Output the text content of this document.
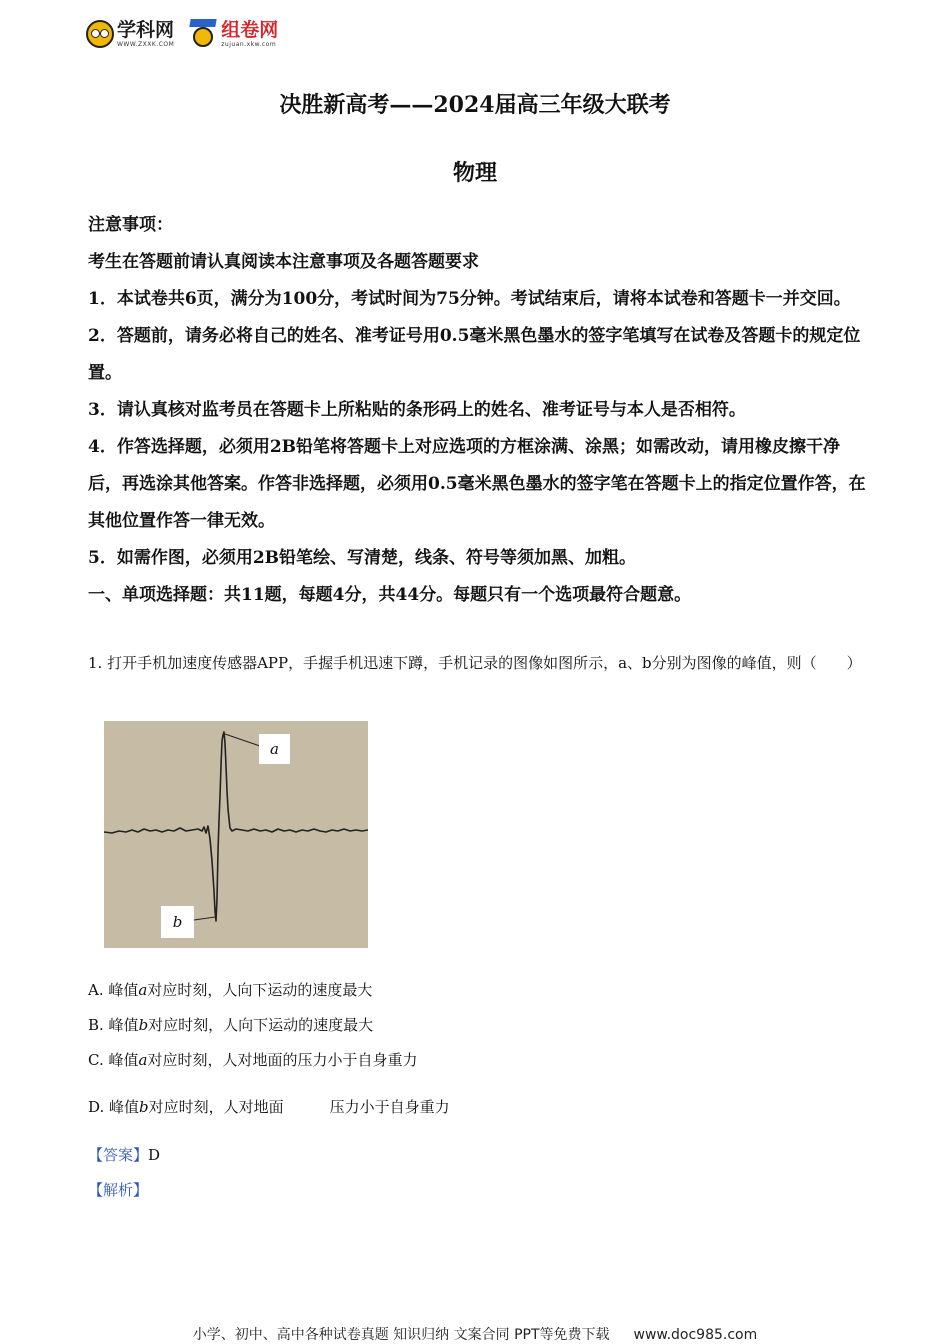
学科网
WWW.ZXXK.COM
组卷网
zujuan.xkw.com
决胜新高考——2024届高三年级大联考
物理

注意事项：

考生在答题前请认真阅读本注意事项及各题答题要求

1．本试卷共6页，满分为100分，考试时间为75分钟。考试结束后，请将本试卷和答题卡一并交回。

2．答题前，请务必将自己的姓名、准考证号用0.5毫米黑色墨水的签字笔填写在试卷及答题卡的规定位置。

3．请认真核对监考员在答题卡上所粘贴的条形码上的姓名、准考证号与本人是否相符。

4．作答选择题，必须用2B铅笔将答题卡上对应选项的方框涂满、涂黑；如需改动，请用橡皮擦干净后，再选涂其他答案。作答非选择题，必须用0.5毫米黑色墨水的签字笔在答题卡上的指定位置作答，在其他位置作答一律无效。

5．如需作图，必须用2B铅笔绘、写清楚，线条、符号等须加黑、加粗。

一、单项选择题：共11题，每题4分，共44分。每题只有一个选项最符合题意。

1. 打开手机加速度传感器APP，手握手机迅速下蹲，手机记录的图像如图所示，a、b分别为图像的峰值，则（　　）

a
b
A. 峰值a对应时刻，人向下运动的速度最大
B. 峰值b对应时刻，人向下运动的速度最大
C. 峰值a对应时刻，人对地面的压力小于自身重力
D. 峰值b对应时刻，人对地面	压力小于自身重力
【答案】D
【解析】
小学、初中、高中各种试卷真题 知识归纳 文案合同 PPT等免费下载 www.doc985.com
